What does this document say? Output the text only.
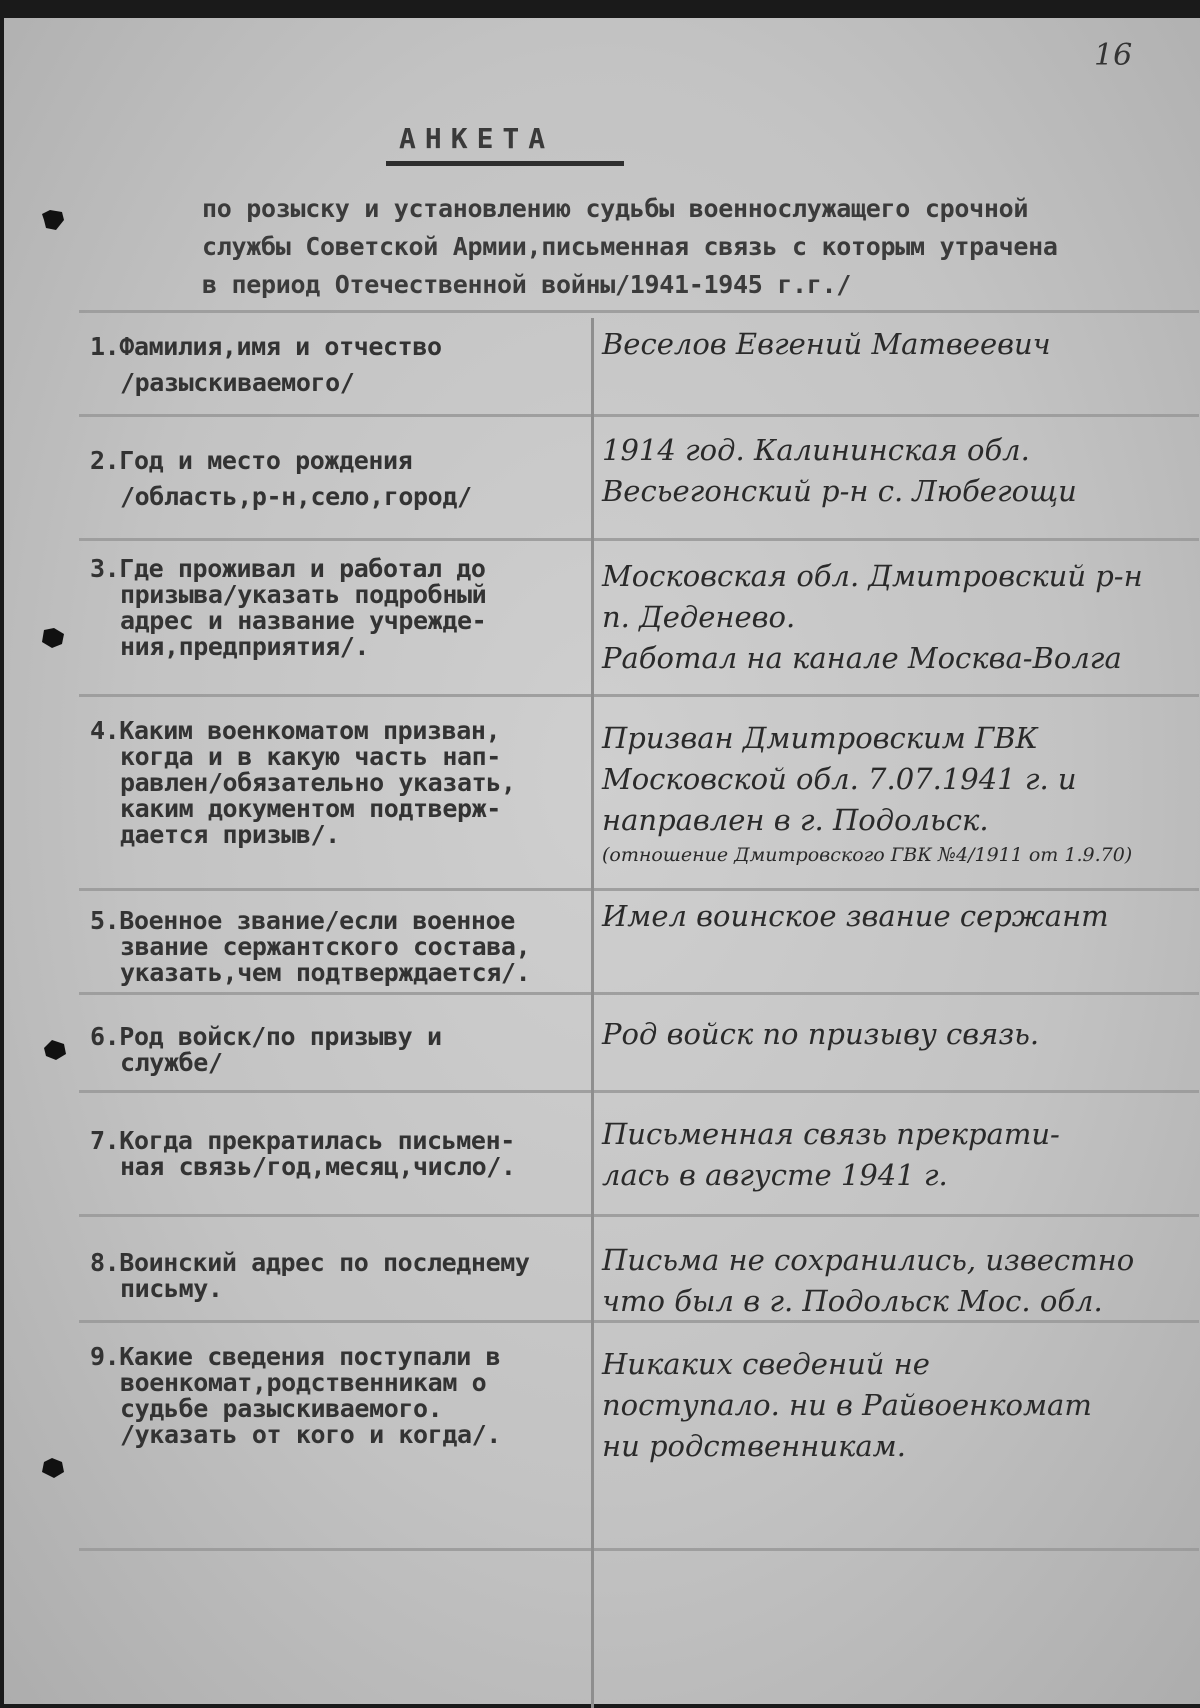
16
АНКЕТА
по розыску и установлению судьбы военнослужащего срочной
службы Советской Армии,письменная связь с которым утрачена
в период Отечественной войны/1941-1945 г.г./
1.Фамилия,имя и отчество
/разыскиваемого/
Веселов Евгений Матвеевич
2.Год и место рождения
/область,р-н,село,город/
1914 год. Калининская обл.
Весьегонский р-н с. Любегощи
3.Где проживал и работал до
призыва/указать подробный
адрес и название учрежде-
ния,предприятия/.
Московская обл. Дмитровский р-н
п. Деденево.
Работал на канале Москва-Волга
4.Каким военкоматом призван,
когда и в какую часть нап-
равлен/обязательно указать,
каким документом подтверж-
дается призыв/.
Призван Дмитровским ГВК
Московской обл. 7.07.1941 г. и
направлен в г. Подольск.
(отношение Дмитровского ГВК №4/1911 от 1.9.70)
5.Военное звание/если военное
звание сержантского состава,
указать,чем подтверждается/.
Имел воинское звание сержант
6.Род войск/по призыву и
службе/
Род войск по призыву связь.
7.Когда прекратилась письмен-
ная связь/год,месяц,число/.
Письменная связь прекрати-
лась в августе 1941 г.
8.Воинский адрес по последнему
письму.
Письма не сохранились, известно
что был в г. Подольск Мос. обл.
9.Какие сведения поступали в
военкомат,родственникам о
судьбе разыскиваемого.
/указать от кого и когда/.
Никаких сведений не
поступало. ни в Райвоенкомат
ни родственникам.
